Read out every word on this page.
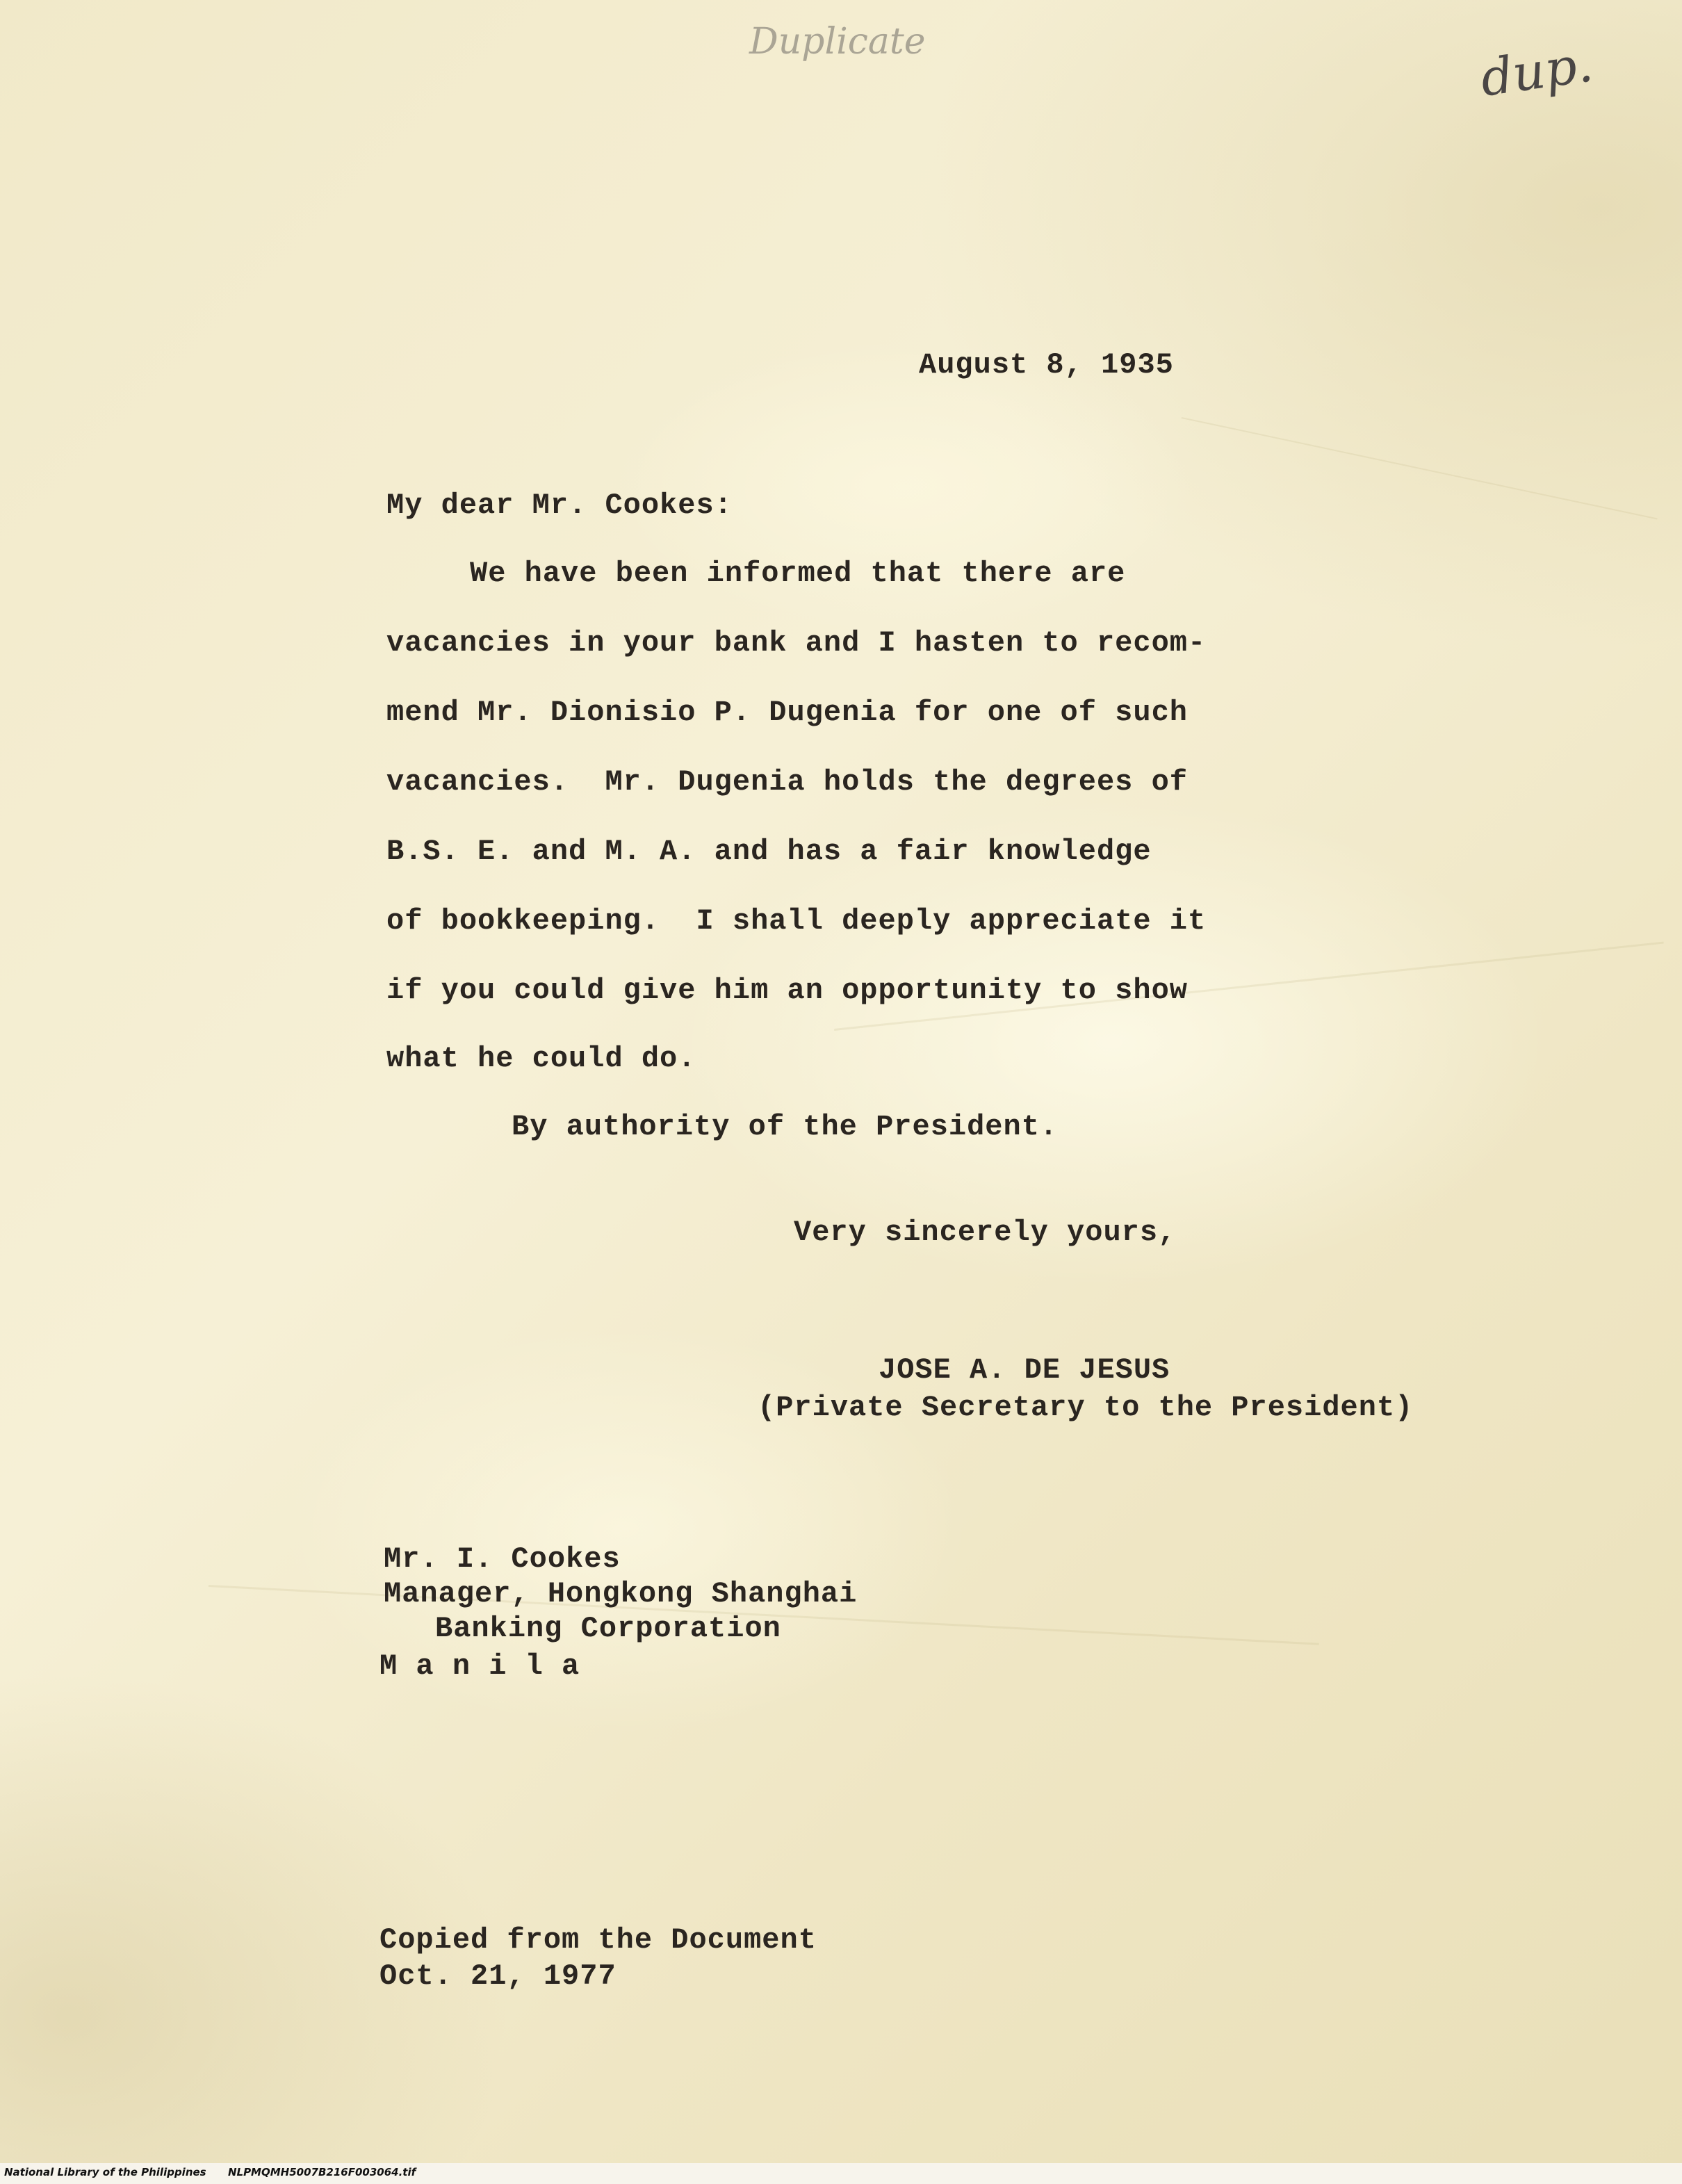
Duplicate	dup.
August 8, 1935
My dear Mr. Cookes:
We have been informed that there are
vacancies in your bank and I hasten to recom-
mend Mr. Dionisio P. Dugenia for one of such
vacancies.  Mr. Dugenia holds the degrees of
B.S. E. and M. A. and has a fair knowledge
of bookkeeping.  I shall deeply appreciate it
if you could give him an opportunity to show
what he could do.
By authority of the President.
Very sincerely yours,
JOSE A. DE JESUS
(Private Secretary to the President)
Mr. I. Cookes
Manager, Hongkong Shanghai
Banking Corporation
M a n i l a
Copied from the Document
Oct. 21, 1977
National Library of the Philippines NLPMQMH5007B216F003064.tif
